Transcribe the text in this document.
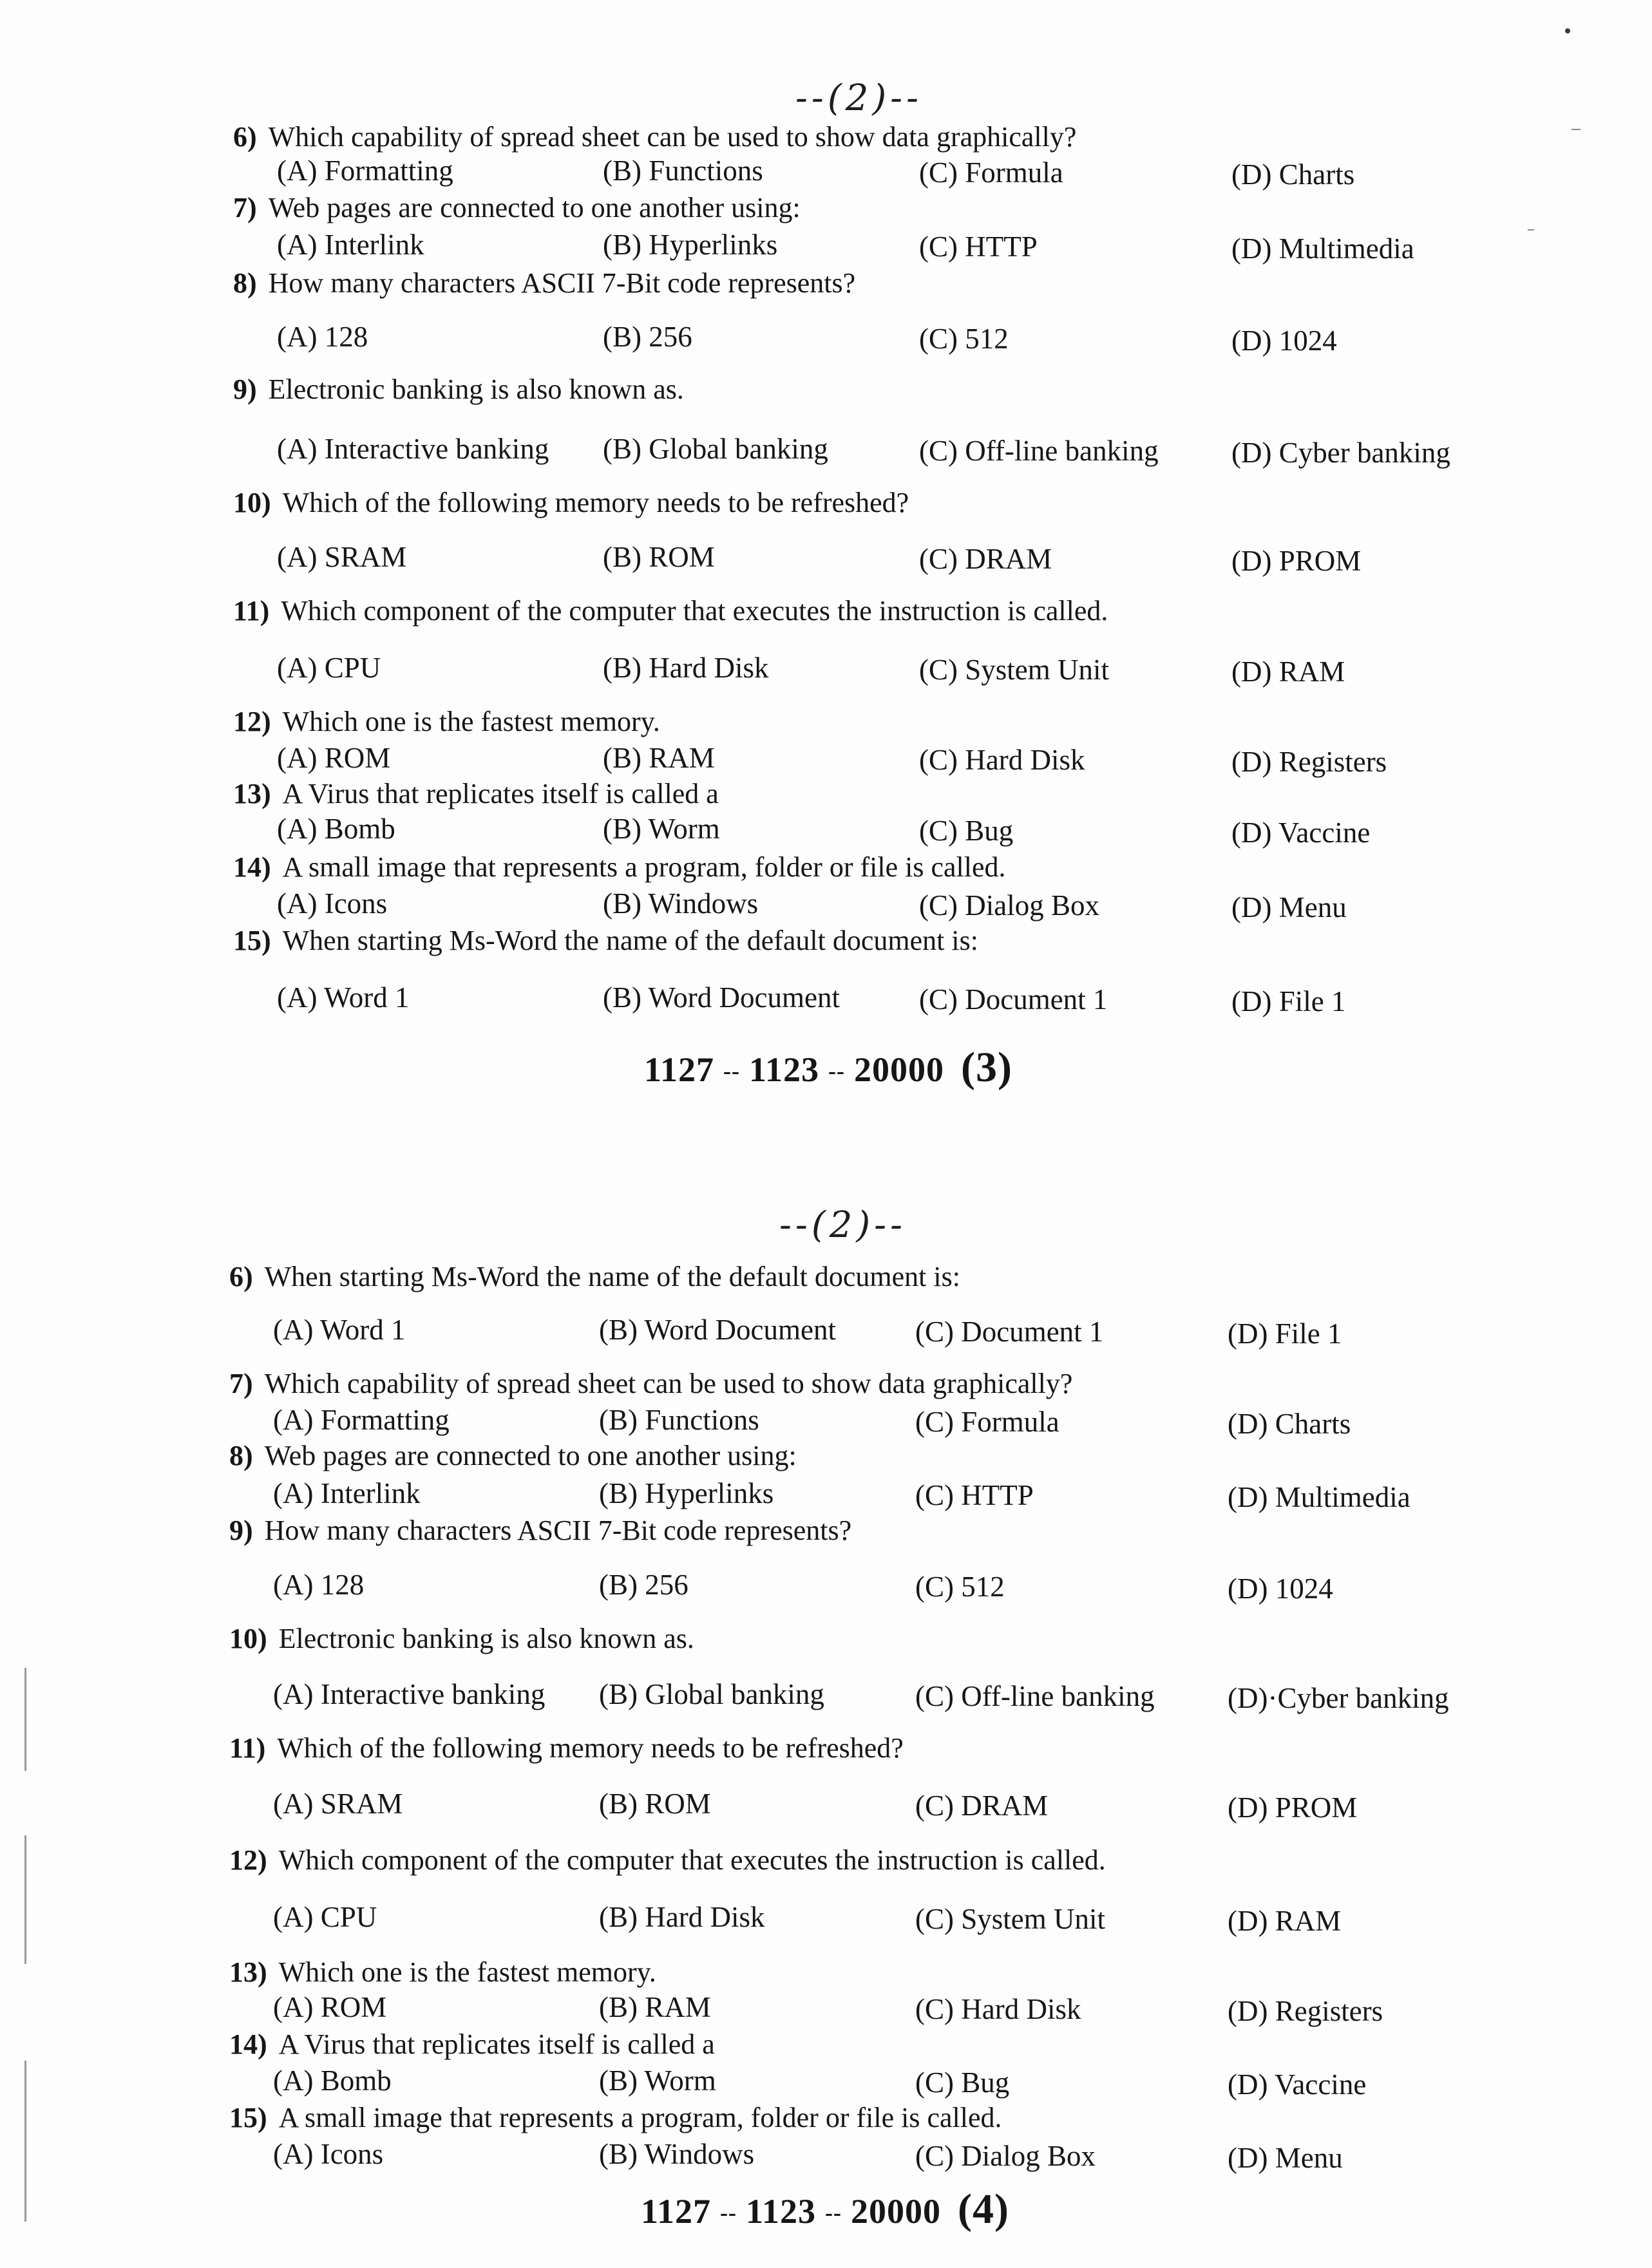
--(2)--
6) Which capability of spread sheet can be used to show data graphically?
(A) Formatting	(B) Functions	(C) Formula	(D) Charts
7) Web pages are connected to one another using:
(A) Interlink	(B) Hyperlinks	(C) HTTP	(D) Multimedia
8) How many characters ASCII 7-Bit code represents?
(A) 128	(B) 256	(C) 512	(D) 1024
9) Electronic banking is also known as.
(A) Interactive banking (B) Global banking	(C) Off-line banking	(D) Cyber banking
10) Which of the following memory needs to be refreshed?
(A) SRAM	(B) ROM	(C) DRAM	(D) PROM
11) Which component of the computer that executes the instruction is called.
(A) CPU	(B) Hard Disk	(C) System Unit	(D) RAM
12) Which one is the fastest memory.
(A) ROM	(B) RAM	(C) Hard Disk	(D) Registers
13) A Virus that replicates itself is called a
(A) Bomb	(B) Worm	(C) Bug	(D) Vaccine
14) A small image that represents a program, folder or file is called.
(A) Icons	(B) Windows	(C) Dialog Box	(D) Menu
15) When starting Ms-Word the name of the default document is:
(A) Word 1	(B) Word Document	(C) Document 1	(D) File 1
1127 -- 1123 -- 20000 (3)
--(2)--
6) When starting Ms-Word the name of the default document is:
(A) Word 1	(B) Word Document	(C) Document 1	(D) File 1
7) Which capability of spread sheet can be used to show data graphically?
(A) Formatting	(B) Functions	(C) Formula	(D) Charts
8) Web pages are connected to one another using:
(A) Interlink	(B) Hyperlinks	(C) HTTP	(D) Multimedia
9) How many characters ASCII 7-Bit code represents?
(A) 128	(B) 256	(C) 512	(D) 1024
10) Electronic banking is also known as.
(A) Interactive banking (B) Global banking	(C) Off-line banking	(D)·Cyber banking
11) Which of the following memory needs to be refreshed?
(A) SRAM	(B) ROM	(C) DRAM	(D) PROM
12) Which component of the computer that executes the instruction is called.
(A) CPU	(B) Hard Disk	(C) System Unit	(D) RAM
13) Which one is the fastest memory.
(A) ROM	(B) RAM	(C) Hard Disk	(D) Registers
14) A Virus that replicates itself is called a
(A) Bomb	(B) Worm	(C) Bug	(D) Vaccine
15) A small image that represents a program, folder or file is called.
(A) Icons	(B) Windows	(C) Dialog Box	(D) Menu
1127 -- 1123 -- 20000 (4)
